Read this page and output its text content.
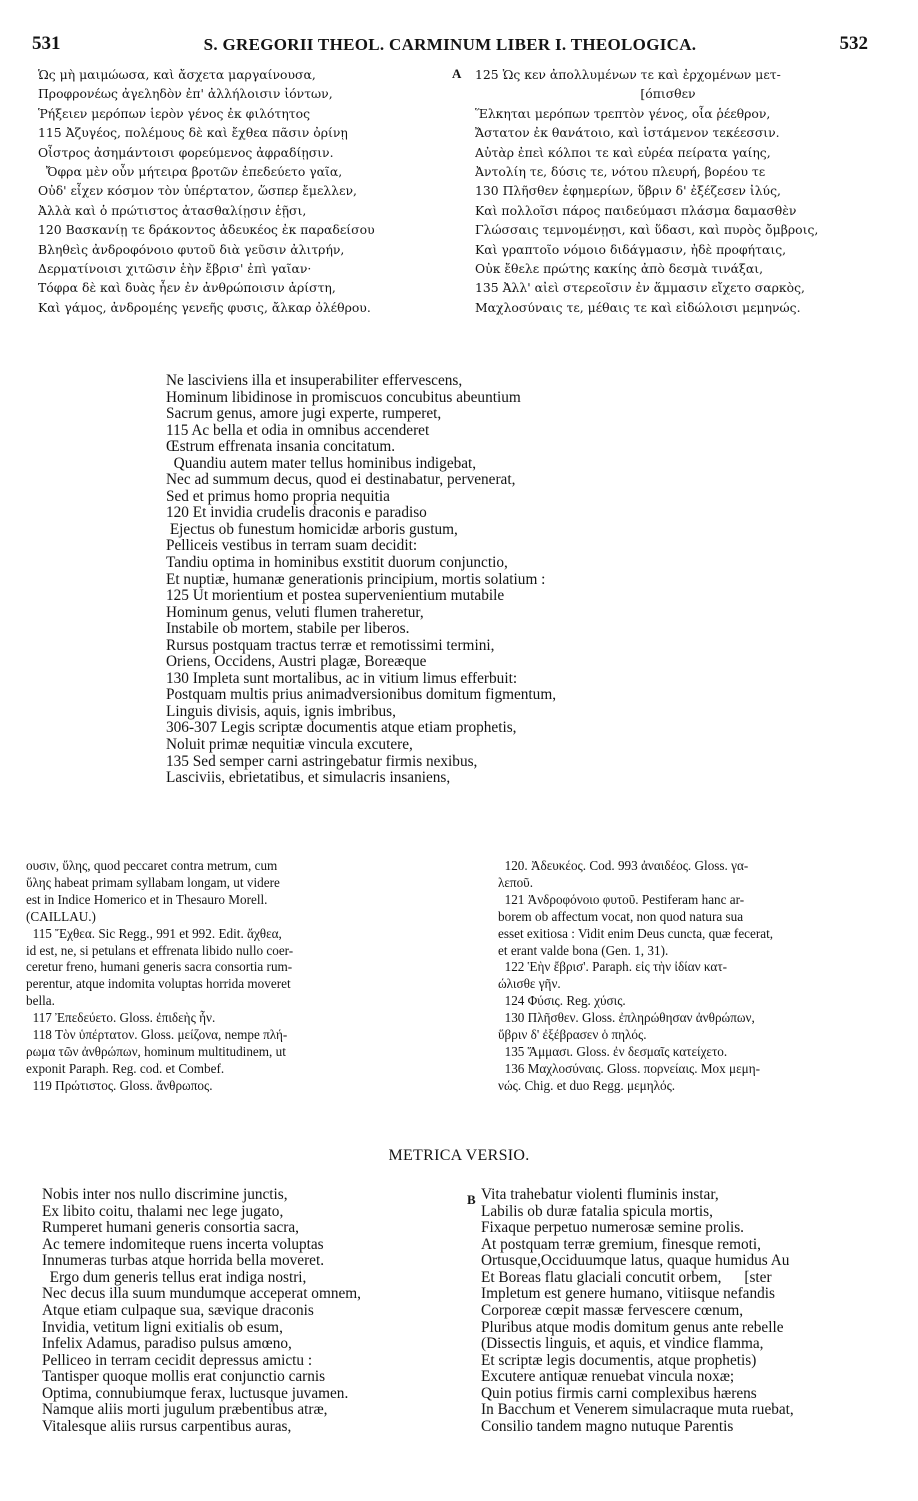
531	S. GREGORII THEOL. CARMINUM LIBER I. THEOLOGICA.	532
Ὡς μὴ μαιμώωσα, καὶ ἄσχετα μαργαίνουσα,
Προφρονέως ἀγεληδὸν ἐπ' ἀλλήλοισιν ἰόντων,
Ῥήξειεν μερόπων ἱερὸν γένος ἐκ φιλότητος
115 Ἀζυγέος, πολέμους δὲ καὶ ἔχθεα πᾶσιν ὀρίνῃ
Οἶστρος ἀσημάντοισι φορεύμενος ἀφραδίῃσιν.
Ὄφρα μὲν οὖν μήτειρα βροτῶν ἐπεδεύετο γαῖα,
Οὐδ' εἶχεν κόσμον τὸν ὑπέρτατον, ὥσπερ ἔμελλεν,
Ἀλλὰ καὶ ὁ πρώτιστος ἀτασθαλίῃσιν ἑῇσι,
120 Βασκανίῃ τε δράκοντος ἀδευκέος ἐκ παραδείσου
Βληθεὶς ἀνδροφόνοιο φυτοῦ διὰ γεῦσιν ἀλιτρήν,
Δερματίνοισι χιτῶσιν ἑὴν ἔβρισ' ἐπὶ γαῖαν·
Τόφρα δὲ καὶ δυὰς ἦεν ἐν ἀνθρώποισιν ἀρίστη,
Καὶ γάμος, ἀνδρομέης γενεῆς φυσις, ἄλκαρ ὀλέθρου.
A 125 Ὡς κεν ἀπολλυμένων τε καὶ ἐρχομένων μετ-
[όπισθεν
Ἕλκηται μερόπων τρεπτὸν γένος, οἷα ῥέεθρον,
Ἄστατον ἐκ θανάτοιο, καὶ ἱστάμενον τεκέεσσιν.
Αὐτὰρ ἐπεὶ κόλποι τε καὶ εὐρέα πείρατα γαίης,
Ἀντολίη τε, δύσις τε, νότου πλευρή, βορέου τε
130 Πλῆσθεν ἐφημερίων, ὕβριν δ' ἐξέζεσεν ἰλύς,
Καὶ πολλοῖσι πάρος παιδεύμασι πλάσμα δαμασθὲν
Γλώσσαις τεμνομένῃσι, καὶ ὕδασι, καὶ πυρὸς ὄμβροις,
Καὶ γραπτοῖο νόμοιο διδάγμασιν, ἠδὲ προφήταις,
Οὐκ ἔθελε πρώτης κακίης ἀπὸ δεσμὰ τινάξαι,
135 Ἀλλ' αἰεὶ στερεοῖσιν ἐν ἅμμασιν εἴχετο σαρκὸς,
Μαχλοσύναις τε, μέθαις τε καὶ εἰδώλοισι μεμηνώς.
Ne lasciviens illa et insuperabiliter effervescens,
Hominum libidinose in promiscuos concubitus abeuntium
Sacrum genus, amore jugi experte, rumperet,
115 Ac bella et odia in omnibus accenderet
Œstrum effrenata insania concitatum.
Quandiu autem mater tellus hominibus indigebat,
Nec ad summum decus, quod ei destinabatur, pervenerat,
Sed et primus homo propria nequitia
120 Et invidia crudelis draconis e paradiso
Ejectus ob funestum homicidæ arboris gustum,
Pelliceis vestibus in terram suam decidit:
Tandiu optima in hominibus exstitit duorum conjunctio,
Et nuptiæ, humanæ generationis principium, mortis solatium :
125 Ut morientium et postea supervenientium mutabile
Hominum genus, veluti flumen traheretur,
Instabile ob mortem, stabile per liberos.
Rursus postquam tractus terræ et remotissimi termini,
Oriens, Occidens, Austri plagæ, Boreæque
130 Impleta sunt mortalibus, ac in vitium limus efferbuit:
Postquam multis prius animadversionibus domitum figmentum,
Linguis divisis, aquis, ignis imbribus,
306-307 Legis scriptæ documentis atque etiam prophetis,
Noluit primæ nequitiæ vincula excutere,
135 Sed semper carni astringebatur firmis nexibus,
Lasciviis, ebrietatibus, et simulacris insaniens,
ουσιν, ὕλης, quod peccaret contra metrum, cum
ὕλης habeat primam syllabam longam, ut videre
est in Indice Homerico et in Thesauro Morell.
(CAILLAU.)
115 Ἔχθεα. Sic Regg., 991 et 992. Edit. ἄχθεα,
id est, ne, si petulans et effrenata libido nullo coer-
ceretur freno, humani generis sacra consortia rum-
perentur, atque indomita voluptas horrida moveret
bella.
117 Ἐπεδεύετο. Gloss. ἐπιδεὴς ἦν.
118 Τὸν ὑπέρτατον. Gloss. μείζονα, nempe πλή-
ρωμα τῶν ἀνθρώπων, hominum multitudinem, ut
exponit Paraph. Reg. cod. et Combef.
119 Πρώτιστος. Gloss. ἄνθρωπος.
120. Ἀδευκέος. Cod. 993 ἀναιδέος. Gloss. γα-
λεποῦ.
121 Ἀνδροφόνοιο φυτοῦ. Pestiferam hanc ar-
borem ob affectum vocat, non quod natura sua
esset exitiosa : Vidit enim Deus cuncta, quæ fecerat,
et erant valde bona (Gen. 1, 31).
122 Ἑὴν ἔβρισ'. Paraph. εἰς τὴν ἰδίαν κατ-
ώλισθε γῆν.
124 Φύσις. Reg. χύσις.
130 Πλῆσθεν. Gloss. ἐπληρώθησαν ἀνθρώπων,
ὕβριν δ' ἐξέβρασεν ὁ πηλός.
135 Ἅμμασι. Gloss. ἐν δεσμαῖς κατείχετο.
136 Μαχλοσύναις. Gloss. πορνείαις. Mox μεμη-
νώς. Chig. et duo Regg. μεμηλός.
METRICA VERSIO.
Nobis inter nos nullo discrimine junctis,
Ex libito coitu, thalami nec lege jugato,
Rumperet humani generis consortia sacra,
Ac temere indomiteque ruens incerta voluptas
Innumeras turbas atque horrida bella moveret.
Ergo dum generis tellus erat indiga nostri,
Nec decus illa suum mundumque acceperat omnem,
Atque etiam culpaque sua, sævique draconis
Invidia, vetitum ligni exitialis ob esum,
Infelix Adamus, paradiso pulsus amœno,
Pelliceo in terram cecidit depressus amictu :
Tantisper quoque mollis erat conjunctio carnis
Optima, connubiumque ferax, luctusque juvamen.
Namque aliis morti jugulum præbentibus atræ,
Vitalesque aliis rursus carpentibus auras,
B Vita trahebatur violenti fluminis instar,
Labilis ob duræ fatalia spicula mortis,
Fixaque perpetuo numerosæ semine prolis.
At postquam terræ gremium, finesque remoti,
Ortusque,Occiduumque latus, quaque humidus Au
Et Boreas flatu glaciali concutit orbem,      [ster
Impletum est genere humano, vitiisque nefandis
Corporeæ cœpit massæ fervescere cœnum,
Pluribus atque modis domitum genus ante rebelle
(Dissectis linguis, et aquis, et vindice flamma,
Et scriptæ legis documentis, atque prophetis)
Excutere antiquæ renuebat vincula noxæ;
Quin potius firmis carni complexibus hærens
In Bacchum et Venerem simulacraque muta ruebat,
Consilio tandem magno nutuque Parentis
